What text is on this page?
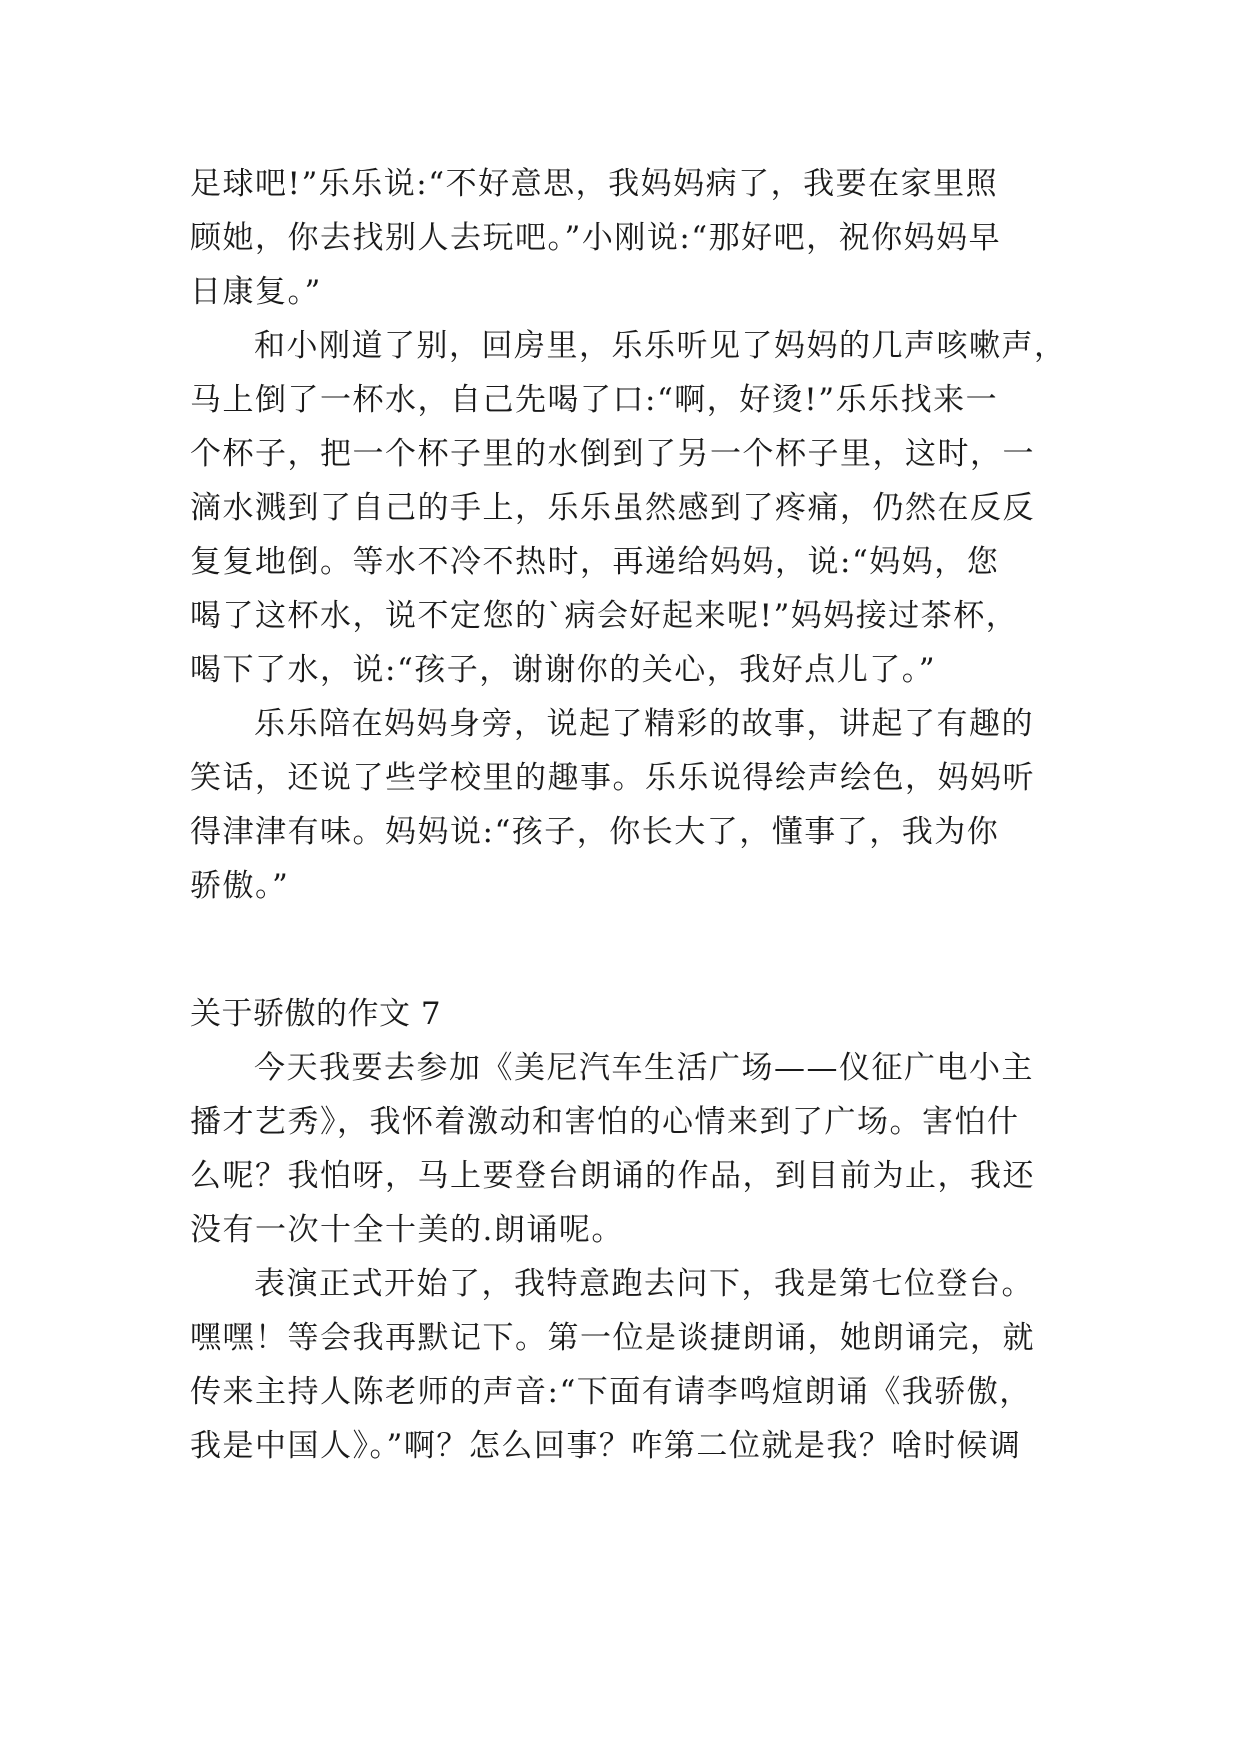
足球吧!”乐乐说:“不好意思，我妈妈病了，我要在家里照
顾她，你去找别人去玩吧。”小刚说:“那好吧，祝你妈妈早
日康复。”
和小刚道了别，回房里，乐乐听见了妈妈的几声咳嗽声，
马上倒了一杯水，自己先喝了口:“啊，好烫!”乐乐找来一
个杯子，把一个杯子里的水倒到了另一个杯子里，这时，一
滴水溅到了自己的手上，乐乐虽然感到了疼痛，仍然在反反
复复地倒。等水不冷不热时，再递给妈妈，说:“妈妈，您
喝了这杯水，说不定您的`病会好起来呢!”妈妈接过茶杯，
喝下了水，说:“孩子，谢谢你的关心，我好点儿了。”
乐乐陪在妈妈身旁，说起了精彩的故事，讲起了有趣的
笑话，还说了些学校里的趣事。乐乐说得绘声绘色，妈妈听
得津津有味。妈妈说:“孩子，你长大了，懂事了，我为你
骄傲。”
关于骄傲的作文 7
今天我要去参加《美尼汽车生活广场——仪征广电小主
播才艺秀》，我怀着激动和害怕的心情来到了广场。害怕什
么呢？我怕呀，马上要登台朗诵的作品，到目前为止，我还
没有一次十全十美的.朗诵呢。
表演正式开始了，我特意跑去问下，我是第七位登台。
嘿嘿！等会我再默记下。第一位是谈捷朗诵，她朗诵完，就
传来主持人陈老师的声音:“下面有请李鸣煊朗诵《我骄傲，
我是中国人》。”啊？怎么回事？咋第二位就是我？啥时候调
